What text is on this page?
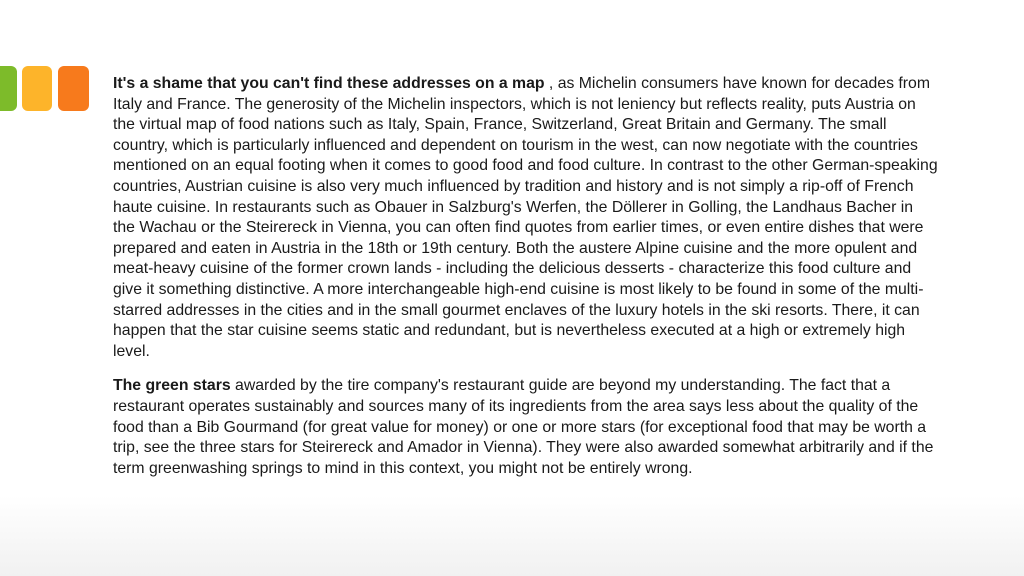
It's a shame that you can't find these addresses on a map , as Michelin consumers have known for decades from Italy and France. The generosity of the Michelin inspectors, which is not leniency but reflects reality, puts Austria on the virtual map of food nations such as Italy, Spain, France, Switzerland, Great Britain and Germany. The small country, which is particularly influenced and dependent on tourism in the west, can now negotiate with the countries mentioned on an equal footing when it comes to good food and food culture. In contrast to the other German-speaking countries, Austrian cuisine is also very much influenced by tradition and history and is not simply a rip-off of French haute cuisine. In restaurants such as Obauer in Salzburg's Werfen, the Döllerer in Golling, the Landhaus Bacher in the Wachau or the Steirereck in Vienna, you can often find quotes from earlier times, or even entire dishes that were prepared and eaten in Austria in the 18th or 19th century. Both the austere Alpine cuisine and the more opulent and meat-heavy cuisine of the former crown lands - including the delicious desserts - characterize this food culture and give it something distinctive. A more interchangeable high-end cuisine is most likely to be found in some of the multi-starred addresses in the cities and in the small gourmet enclaves of the luxury hotels in the ski resorts. There, it can happen that the star cuisine seems static and redundant, but is nevertheless executed at a high or extremely high level.

The green stars awarded by the tire company's restaurant guide are beyond my understanding. The fact that a restaurant operates sustainably and sources many of its ingredients from the area says less about the quality of the food than a Bib Gourmand (for great value for money) or one or more stars (for exceptional food that may be worth a trip, see the three stars for Steirereck and Amador in Vienna). They were also awarded somewhat arbitrarily and if the term greenwashing springs to mind in this context, you might not be entirely wrong.
